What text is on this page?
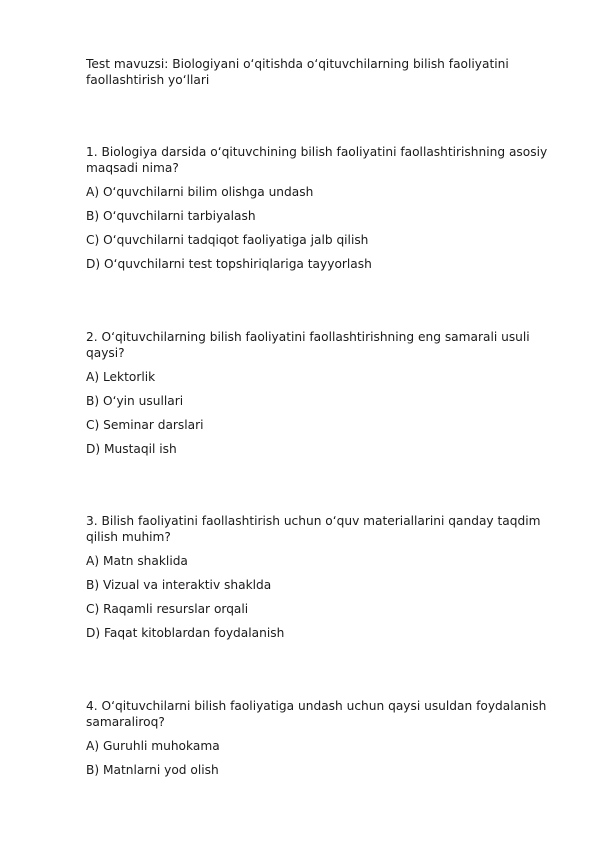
Test mavuzsi: Biologiyani oʻqitishda oʻqituvchilarning bilish faoliyatini faollashtirish yoʻllari

1. Biologiya darsida oʻqituvchining bilish faoliyatini faollashtirishning asosiy maqsadi nima?

A) Oʻquvchilarni bilim olishga undash

B) Oʻquvchilarni tarbiyalash

C) Oʻquvchilarni tadqiqot faoliyatiga jalb qilish

D) Oʻquvchilarni test topshiriqlariga tayyorlash

2. Oʻqituvchilarning bilish faoliyatini faollashtirishning eng samarali usuli qaysi?

A) Lektorlik

B) Oʻyin usullari

C) Seminar darslari

D) Mustaqil ish

3. Bilish faoliyatini faollashtirish uchun oʻquv materiallarini qanday taqdim qilish muhim?

A) Matn shaklida

B) Vizual va interaktiv shaklda

C) Raqamli resurslar orqali

D) Faqat kitoblardan foydalanish

4. Oʻqituvchilarni bilish faoliyatiga undash uchun qaysi usuldan foydalanish samaraliroq?

A) Guruhli muhokama

B) Matnlarni yod olish
